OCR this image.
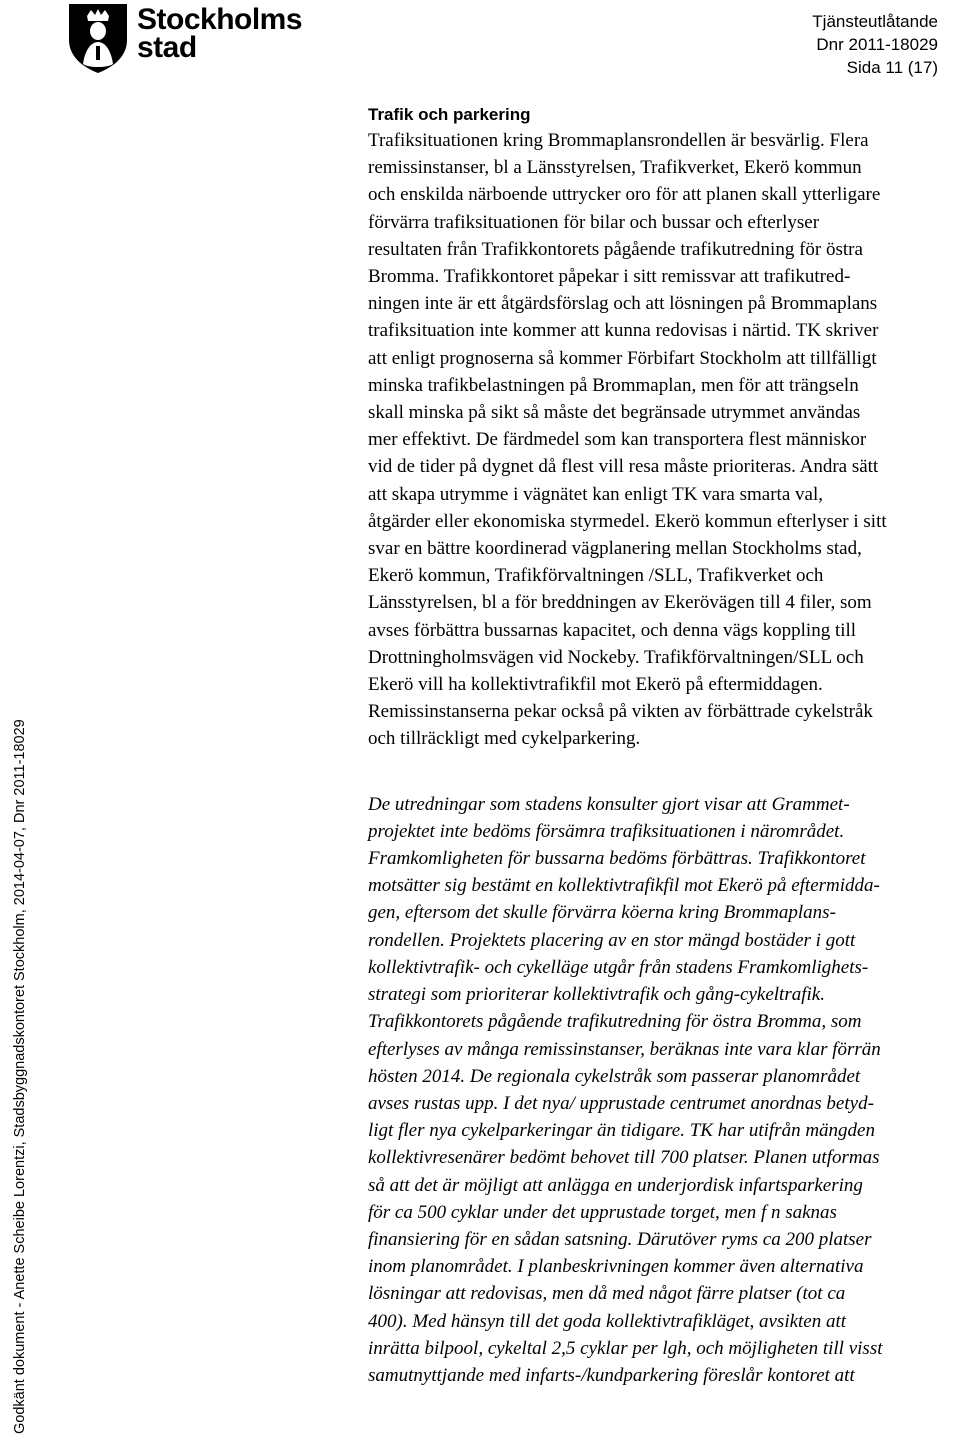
Stockholms
stad
Tjänsteutlåtande
Dnr 2011-18029
Sida 11 (17)
Godkänt dokument - Anette Scheibe Lorentzi, Stadsbyggnadskontoret Stockholm, 2014-04-07, Dnr 2011-18029
Trafik och parkering

Trafiksituationen kring Brommaplansrondellen är besvärlig. Flera
remissinstanser, bl a Länsstyrelsen, Trafikverket, Ekerö kommun
och enskilda närboende uttrycker oro för att planen skall ytterligare
förvärra trafiksituationen för bilar och bussar och efterlyser
resultaten från Trafikkontorets pågående trafikutredning för östra
Bromma. Trafikkontoret påpekar i sitt remissvar att trafikutred-
ningen inte är ett åtgärdsförslag och att lösningen på Brommaplans
trafiksituation inte kommer att kunna redovisas i närtid. TK skriver
att enligt prognoserna så kommer Förbifart Stockholm att tillfälligt
minska trafikbelastningen på Brommaplan, men för att trängseln
skall minska på sikt så måste det begränsade utrymmet användas
mer effektivt. De färdmedel som kan transportera flest människor
vid de tider på dygnet då flest vill resa måste prioriteras. Andra sätt
att skapa utrymme i vägnätet kan enligt TK vara smarta val,
åtgärder eller ekonomiska styrmedel. Ekerö kommun efterlyser i sitt
svar en bättre koordinerad vägplanering mellan Stockholms stad,
Ekerö kommun, Trafikförvaltningen /SLL, Trafikverket och
Länsstyrelsen, bl a för breddningen av Ekerövägen till 4 filer, som
avses förbättra bussarnas kapacitet, och denna vägs koppling till
Drottningholmsvägen vid Nockeby. Trafikförvaltningen/SLL och
Ekerö vill ha kollektivtrafikfil mot Ekerö på eftermiddagen.
Remissinstanserna pekar också på vikten av förbättrade cykelstråk
och tillräckligt med cykelparkering.

De utredningar som stadens konsulter gjort visar att Grammet-
projektet inte bedöms försämra trafiksituationen i närområdet.
Framkomligheten för bussarna bedöms förbättras. Trafikkontoret
motsätter sig bestämt en kollektivtrafikfil mot Ekerö på eftermidda-
gen, eftersom det skulle förvärra köerna kring Brommaplans-
rondellen. Projektets placering av en stor mängd bostäder i gott
kollektivtrafik- och cykelläge utgår från stadens Framkomlighets-
strategi som prioriterar kollektivtrafik och gång-cykeltrafik.
Trafikkontorets pågående trafikutredning för östra Bromma, som
efterlyses av många remissinstanser, beräknas inte vara klar förrän
hösten 2014. De regionala cykelstråk som passerar planområdet
avses rustas upp. I det nya/ upprustade centrumet anordnas betyd-
ligt fler nya cykelparkeringar än tidigare. TK har utifrån mängden
kollektivresenärer bedömt behovet till 700 platser. Planen utformas
så att det är möjligt att anlägga en underjordisk infartsparkering
för ca 500 cyklar under det upprustade torget, men f n saknas
finansiering för en sådan satsning. Därutöver ryms ca 200 platser
inom planområdet. I planbeskrivningen kommer även alternativa
lösningar att redovisas, men då med något färre platser (tot ca
400). Med hänsyn till det goda kollektivtrafikläget, avsikten att
inrätta bilpool, cykeltal 2,5 cyklar per lgh, och möjligheten till visst
samutnyttjande med infarts-/kundparkering föreslår kontoret att
